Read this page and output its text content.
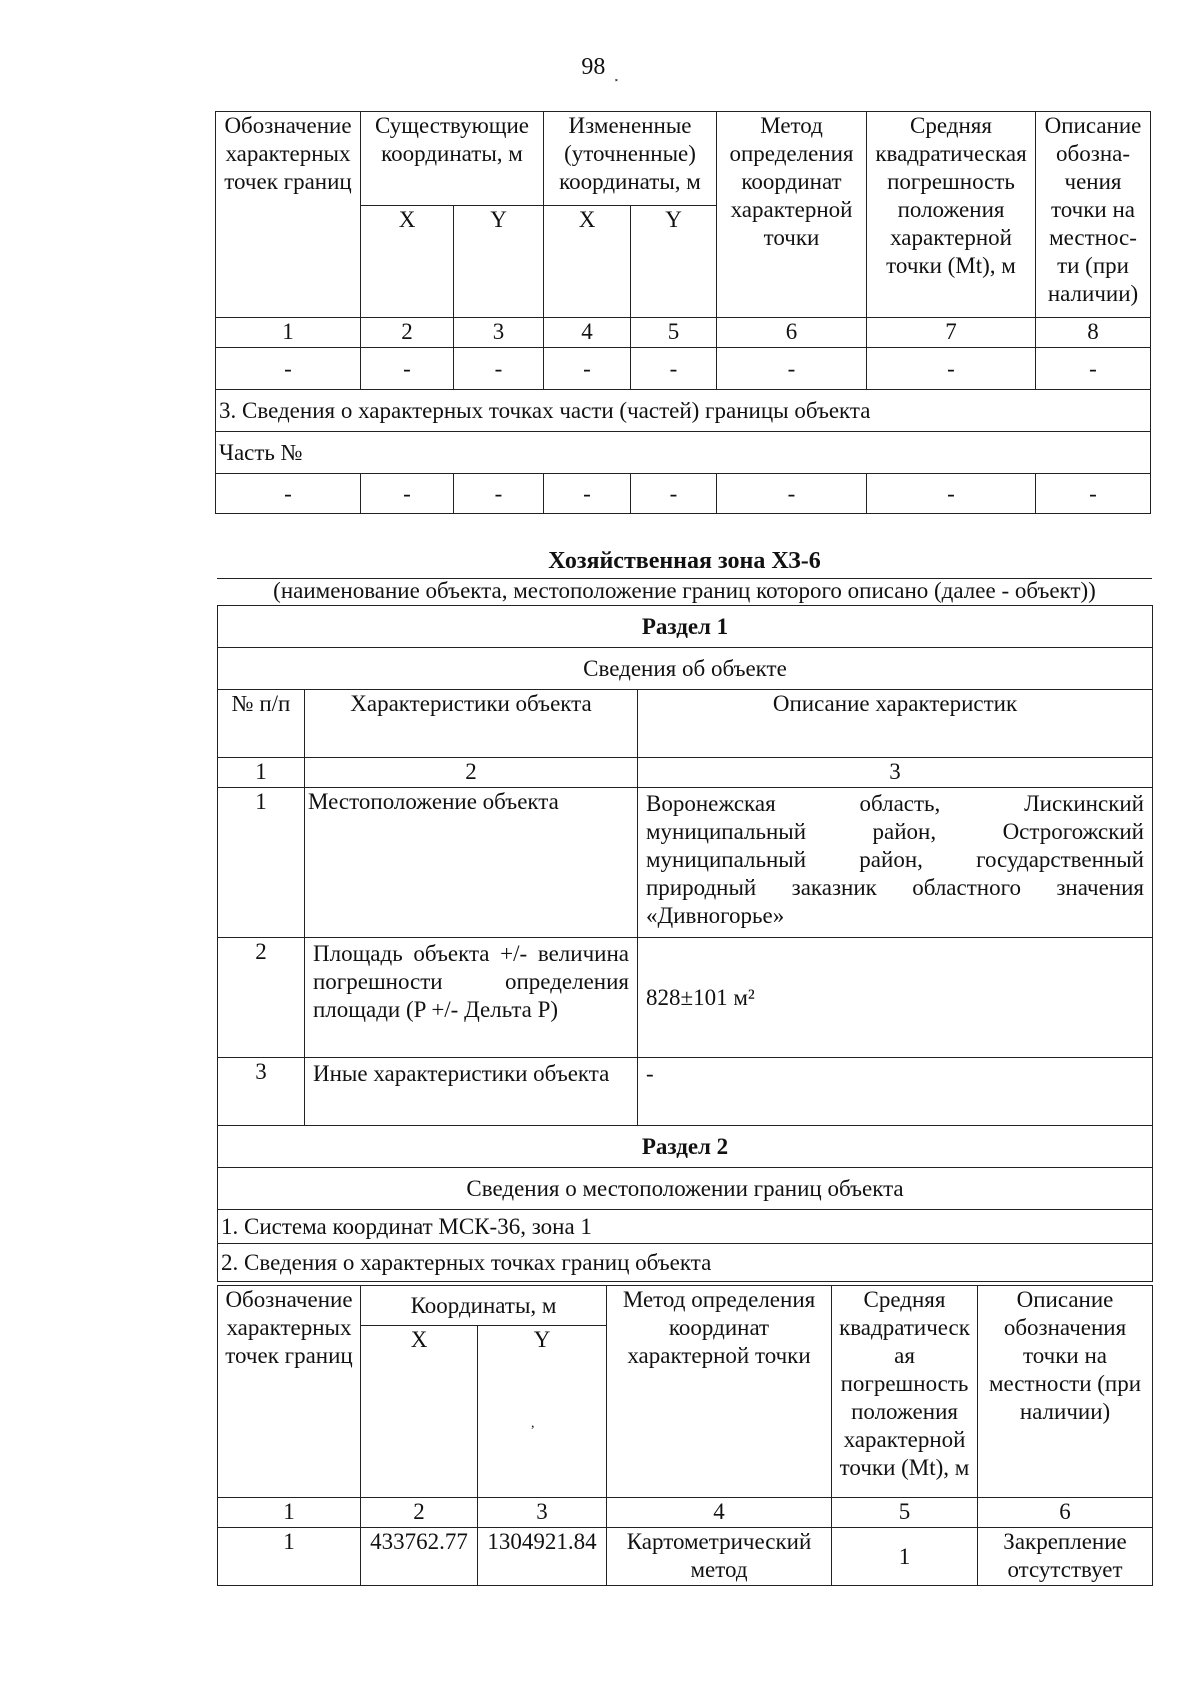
98 ⸼
Обозначение характерных точек границ	Существующие координаты, м		Измененные (уточненные) координаты, м		Метод определения координат характерной точки	Средняя квадратическая погрешность положения характерной точки (Mt), м	Описание обозна-чения точки на местнос-ти (при наличии)
	X	Y	X	Y			
1	2	3	4	5	6	7	8
-	-	-	-	-	-	-	-
3. Сведения о характерных точках части (частей) границы объекта							
Часть №							
-	-	-	-	-	-	-	-
Хозяйственная зона ХЗ-6
(наименование объекта, местоположение границ которого описано (далее - объект))
Раздел 1		
Сведения об объекте		
№ п/п	Характеристики объекта	Описание характеристик
1	2	3
1	Местоположение объекта	Воронежская область, Лискинский муниципальный район, Острогожский муниципальный район, государственный природный заказник областного значения «Дивногорье»
2	Площадь объекта +/- величина погрешности определения площади (P +/- Дельта P)	828±101 м²
3	Иные характеристики объекта	-
Раздел 2		
Сведения о местоположении границ объекта		
1. Система координат МСК-36, зона 1		
2. Сведения о характерных точках границ объекта		
Обозначение характерных точек границ	Координаты, м		Метод определения координат характерной точки	Средняя квадратическ ая погрешность положения характерной точки (Mt), м	Описание обозначения точки на местности (при наличии)
	X	Y			
1	2	3	4	5	6
1	433762.77	1304921.84	Картометрический метод	1	Закрепление отсутствует
,
